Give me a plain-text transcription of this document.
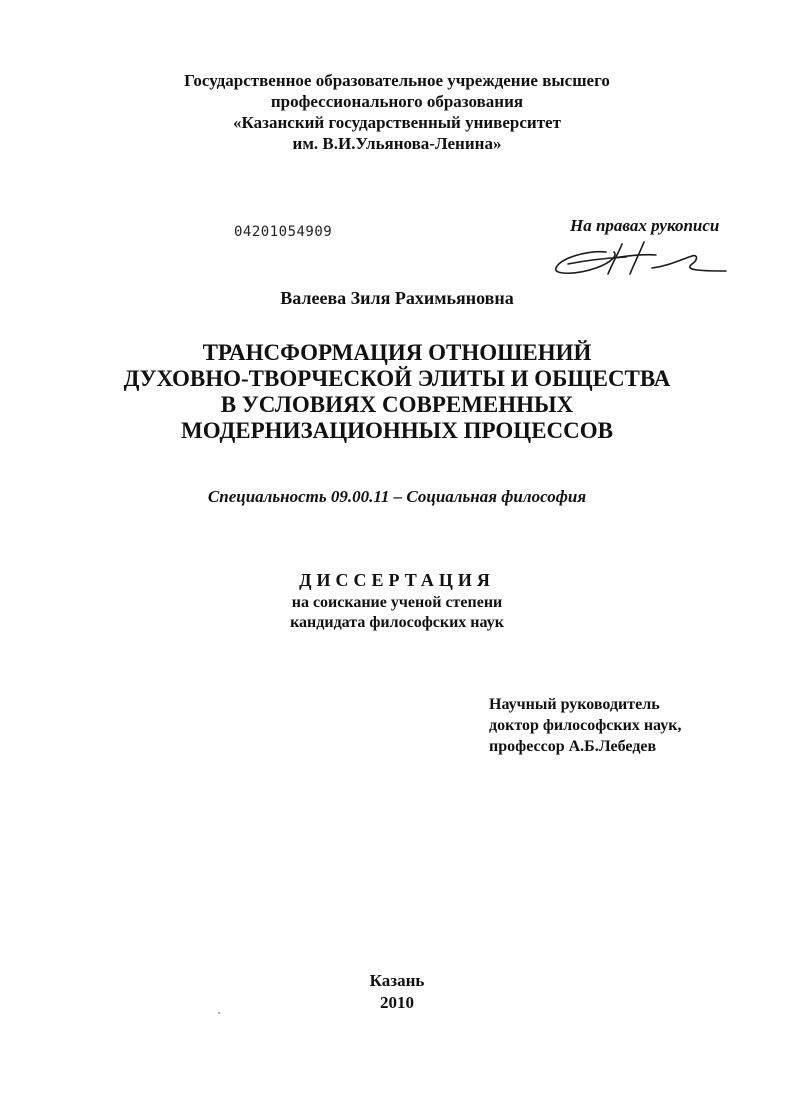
Государственное образовательное учреждение высшего
профессионального образования
«Казанский государственный университет
им. В.И.Ульянова-Ленина»
04201054909	На правах рукописи
Валеева Зиля Рахимьяновна
ТРАНСФОРМАЦИЯ ОТНОШЕНИЙ
ДУХОВНО-ТВОРЧЕСКОЙ ЭЛИТЫ И ОБЩЕСТВА
В УСЛОВИЯХ СОВРЕМЕННЫХ
МОДЕРНИЗАЦИОННЫХ ПРОЦЕССОВ
Специальность 09.00.11 – Социальная философия
ДИССЕРТАЦИЯ
на соискание ученой степени
кандидата философских наук
Научный руководитель
доктор философских наук,
профессор А.Б.Лебедев
Казань
2010
